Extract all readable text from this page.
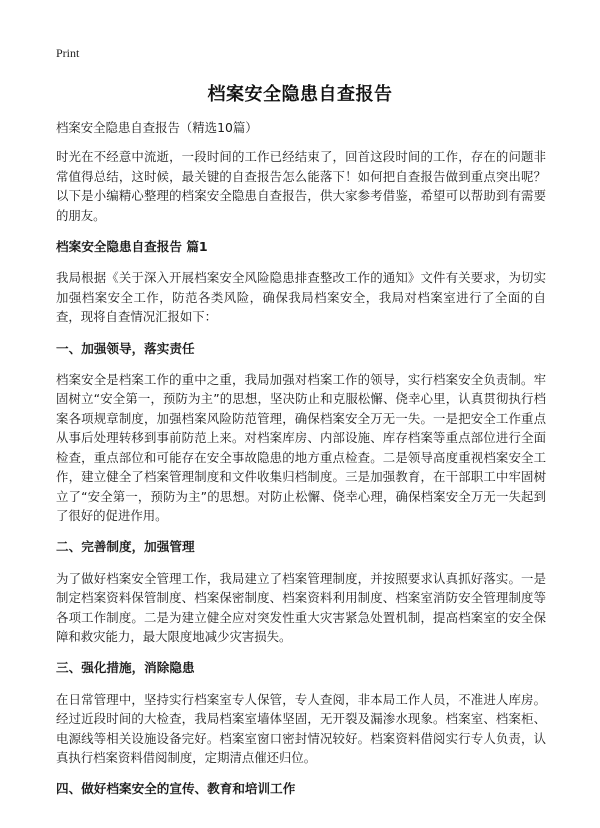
Print
档案安全隐患自查报告

档案安全隐患自查报告（精选10篇）

时光在不经意中流逝，一段时间的工作已经结束了，回首这段时间的工作，存在的问题非常值得总结，这时候，最关键的自查报告怎么能落下！如何把自查报告做到重点突出呢？以下是小编精心整理的档案安全隐患自查报告，供大家参考借鉴，希望可以帮助到有需要的朋友。

档案安全隐患自查报告 篇1

我局根据《关于深入开展档案安全风险隐患排查整改工作的通知》文件有关要求，为切实加强档案安全工作，防范各类风险，确保我局档案安全，我局对档案室进行了全面的自查，现将自查情况汇报如下：

一、加强领导，落实责任

档案安全是档案工作的重中之重，我局加强对档案工作的领导，实行档案安全负责制。牢固树立“安全第一，预防为主”的思想，坚决防止和克服松懈、侥幸心里，认真贯彻执行档案各项规章制度，加强档案风险防范管理，确保档案安全万无一失。一是把安全工作重点从事后处理转移到事前防范上来。对档案库房、内部设施、库存档案等重点部位进行全面检查，重点部位和可能存在安全事故隐患的地方重点检查。二是领导高度重视档案安全工作，建立健全了档案管理制度和文件收集归档制度。三是加强教育，在干部职工中牢固树立了“安全第一，预防为主”的思想。对防止松懈、侥幸心理，确保档案安全万无一失起到了很好的促进作用。

二、完善制度，加强管理

为了做好档案安全管理工作，我局建立了档案管理制度，并按照要求认真抓好落实。一是制定档案资料保管制度、档案保密制度、档案资料利用制度、档案室消防安全管理制度等各项工作制度。二是为建立健全应对突发性重大灾害紧急处置机制，提高档案室的安全保障和救灾能力，最大限度地减少灾害损失。

三、强化措施，消除隐患

在日常管理中，坚持实行档案室专人保管，专人查阅，非本局工作人员，不准进人库房。经过近段时间的大检查，我局档案室墙体坚固，无开裂及漏渗水现象。档案室、档案柜、电源线等相关设施设备完好。档案室窗口密封情况较好。档案资料借阅实行专人负责，认真执行档案资料借阅制度，定期清点催还归位。

四、做好档案安全的宣传、教育和培训工作
